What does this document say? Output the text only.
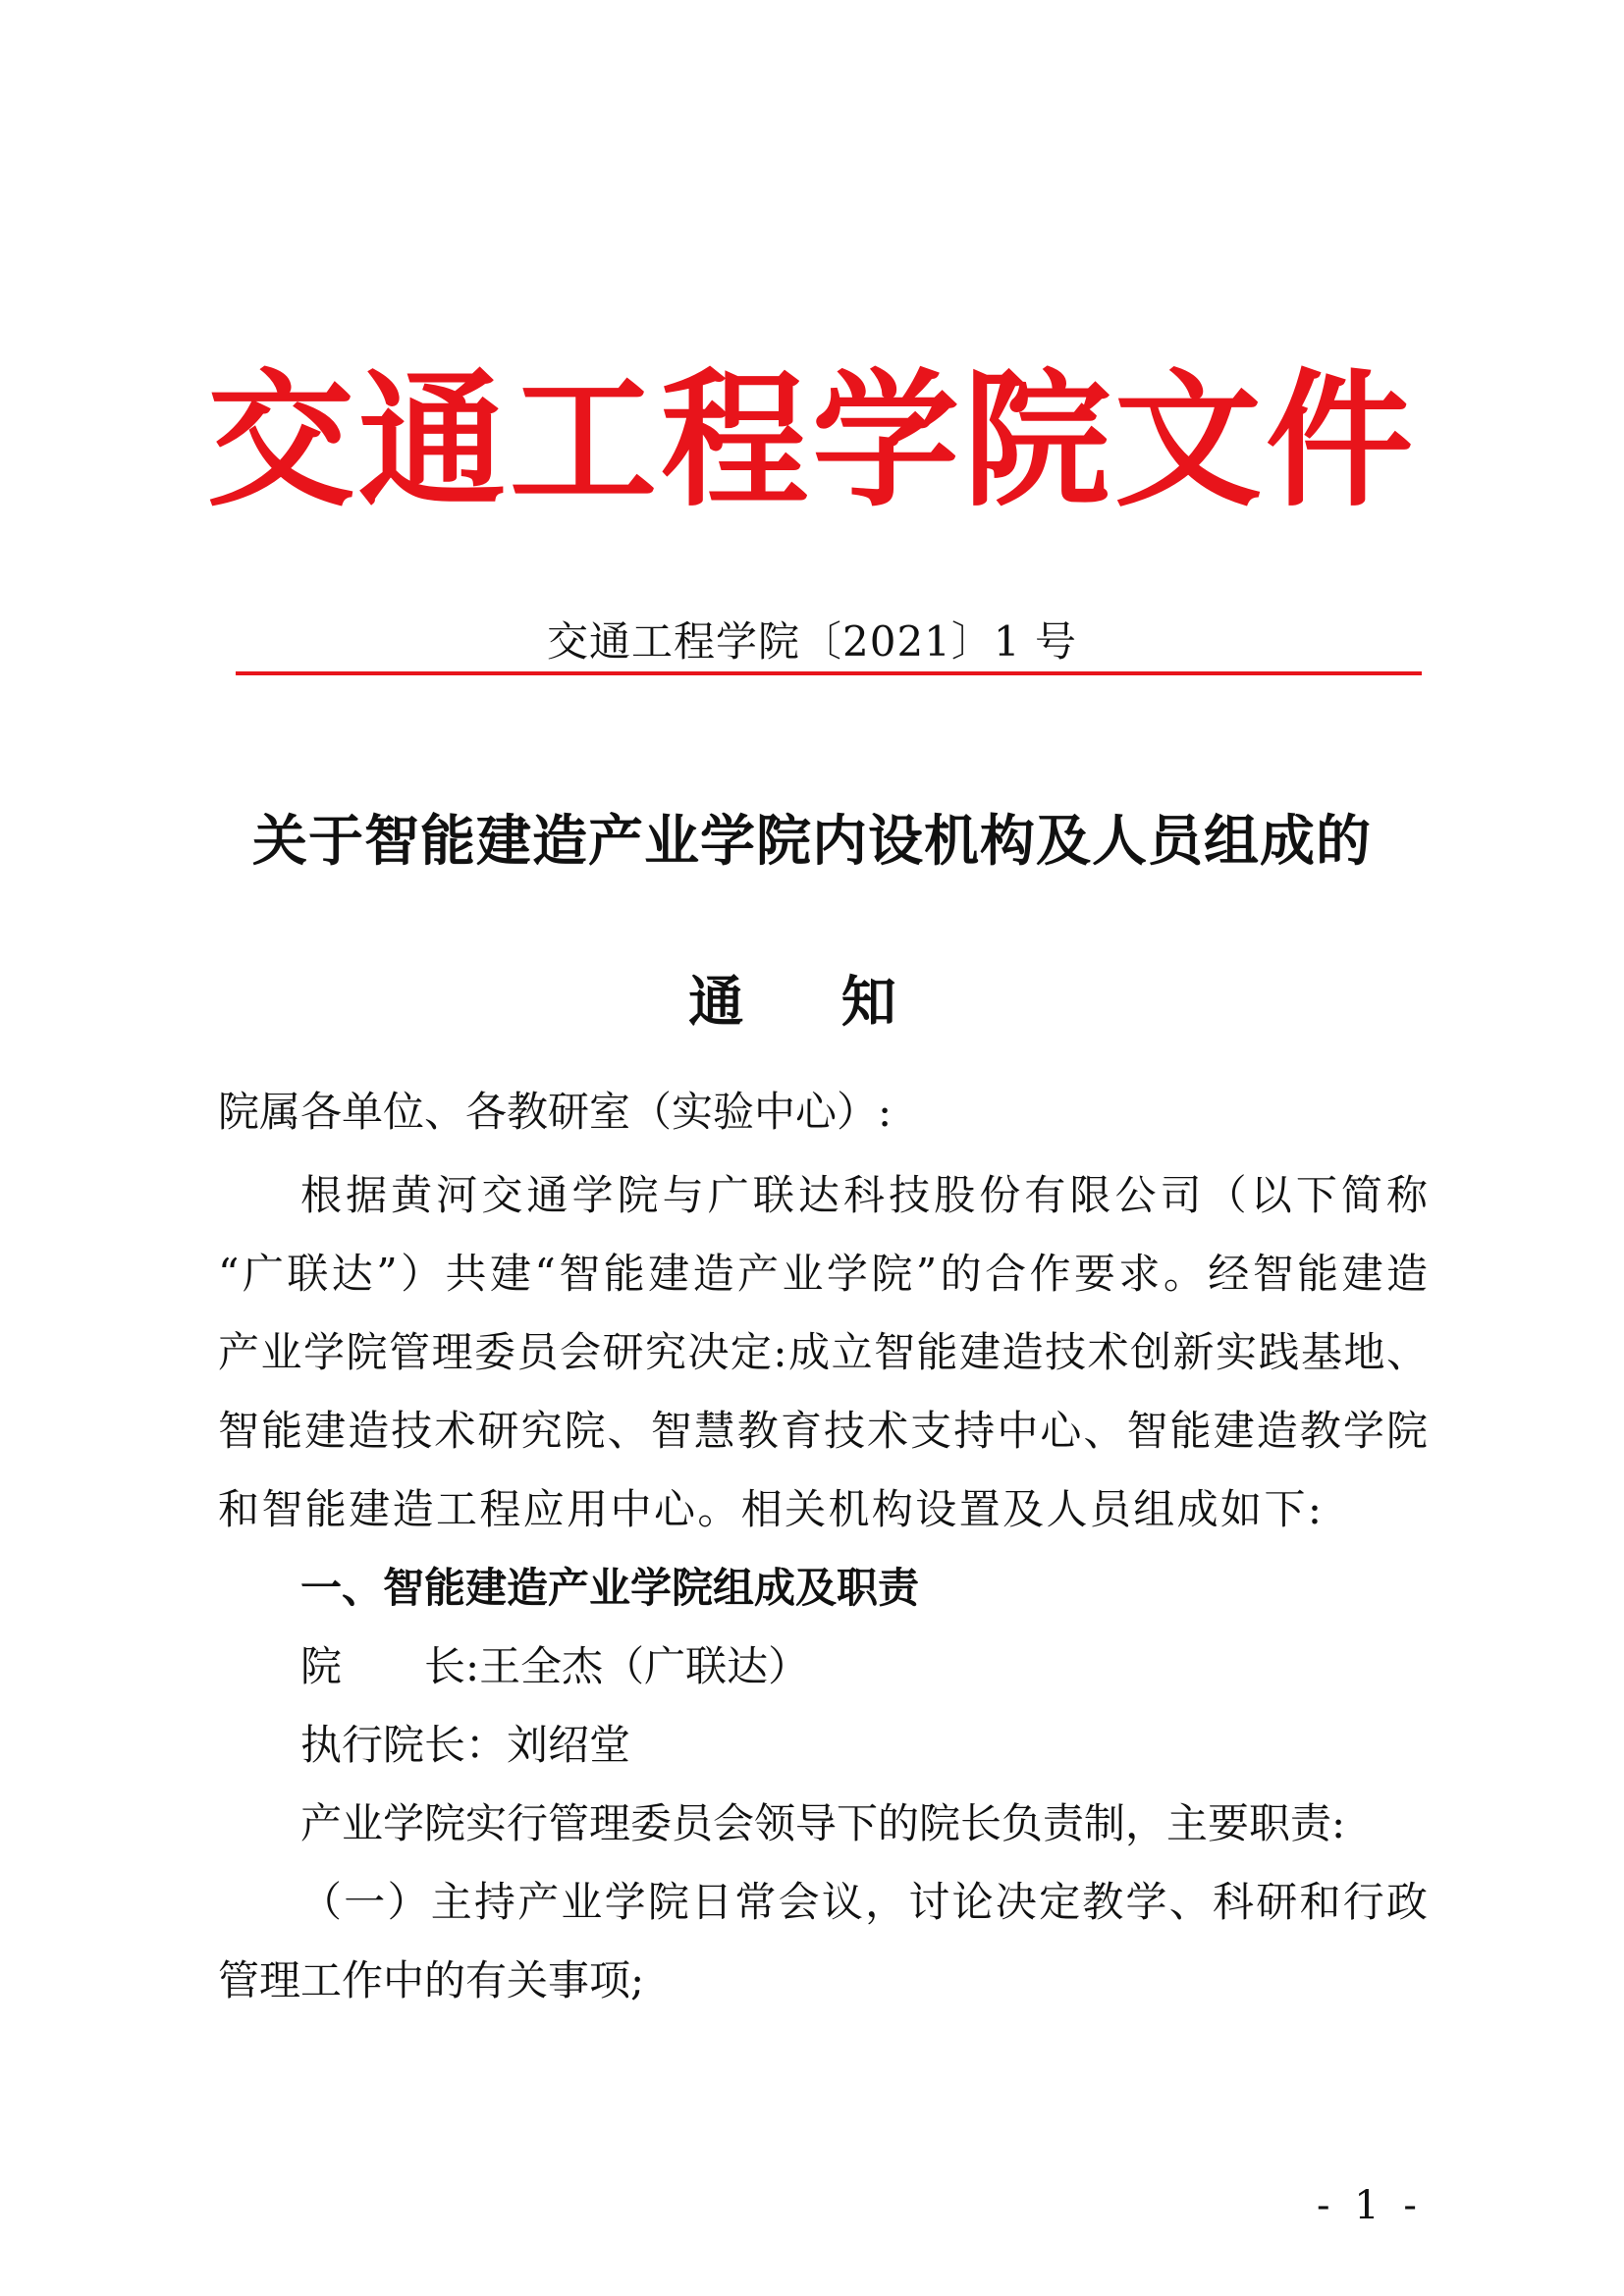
交通工程学院文件
交通工程学院〔2021〕1 号
关于智能建造产业学院内设机构及人员组成的
通 知
院属各单位、各教研室（实验中心）:
根据黄河交通学院与广联达科技股份有限公司（以下简称
“广联达”）共建“智能建造产业学院”的合作要求。经智能建造
产业学院管理委员会研究决定:成立智能建造技术创新实践基地、
智能建造技术研究院、智慧教育技术支持中心、智能建造教学院
和智能建造工程应用中心。相关机构设置及人员组成如下:
一、智能建造产业学院组成及职责
院　　长:王全杰（广联达）
执行院长：刘绍堂
产业学院实行管理委员会领导下的院长负责制，主要职责:
（一）主持产业学院日常会议，讨论决定教学、科研和行政
管理工作中的有关事项;
- 1 -
